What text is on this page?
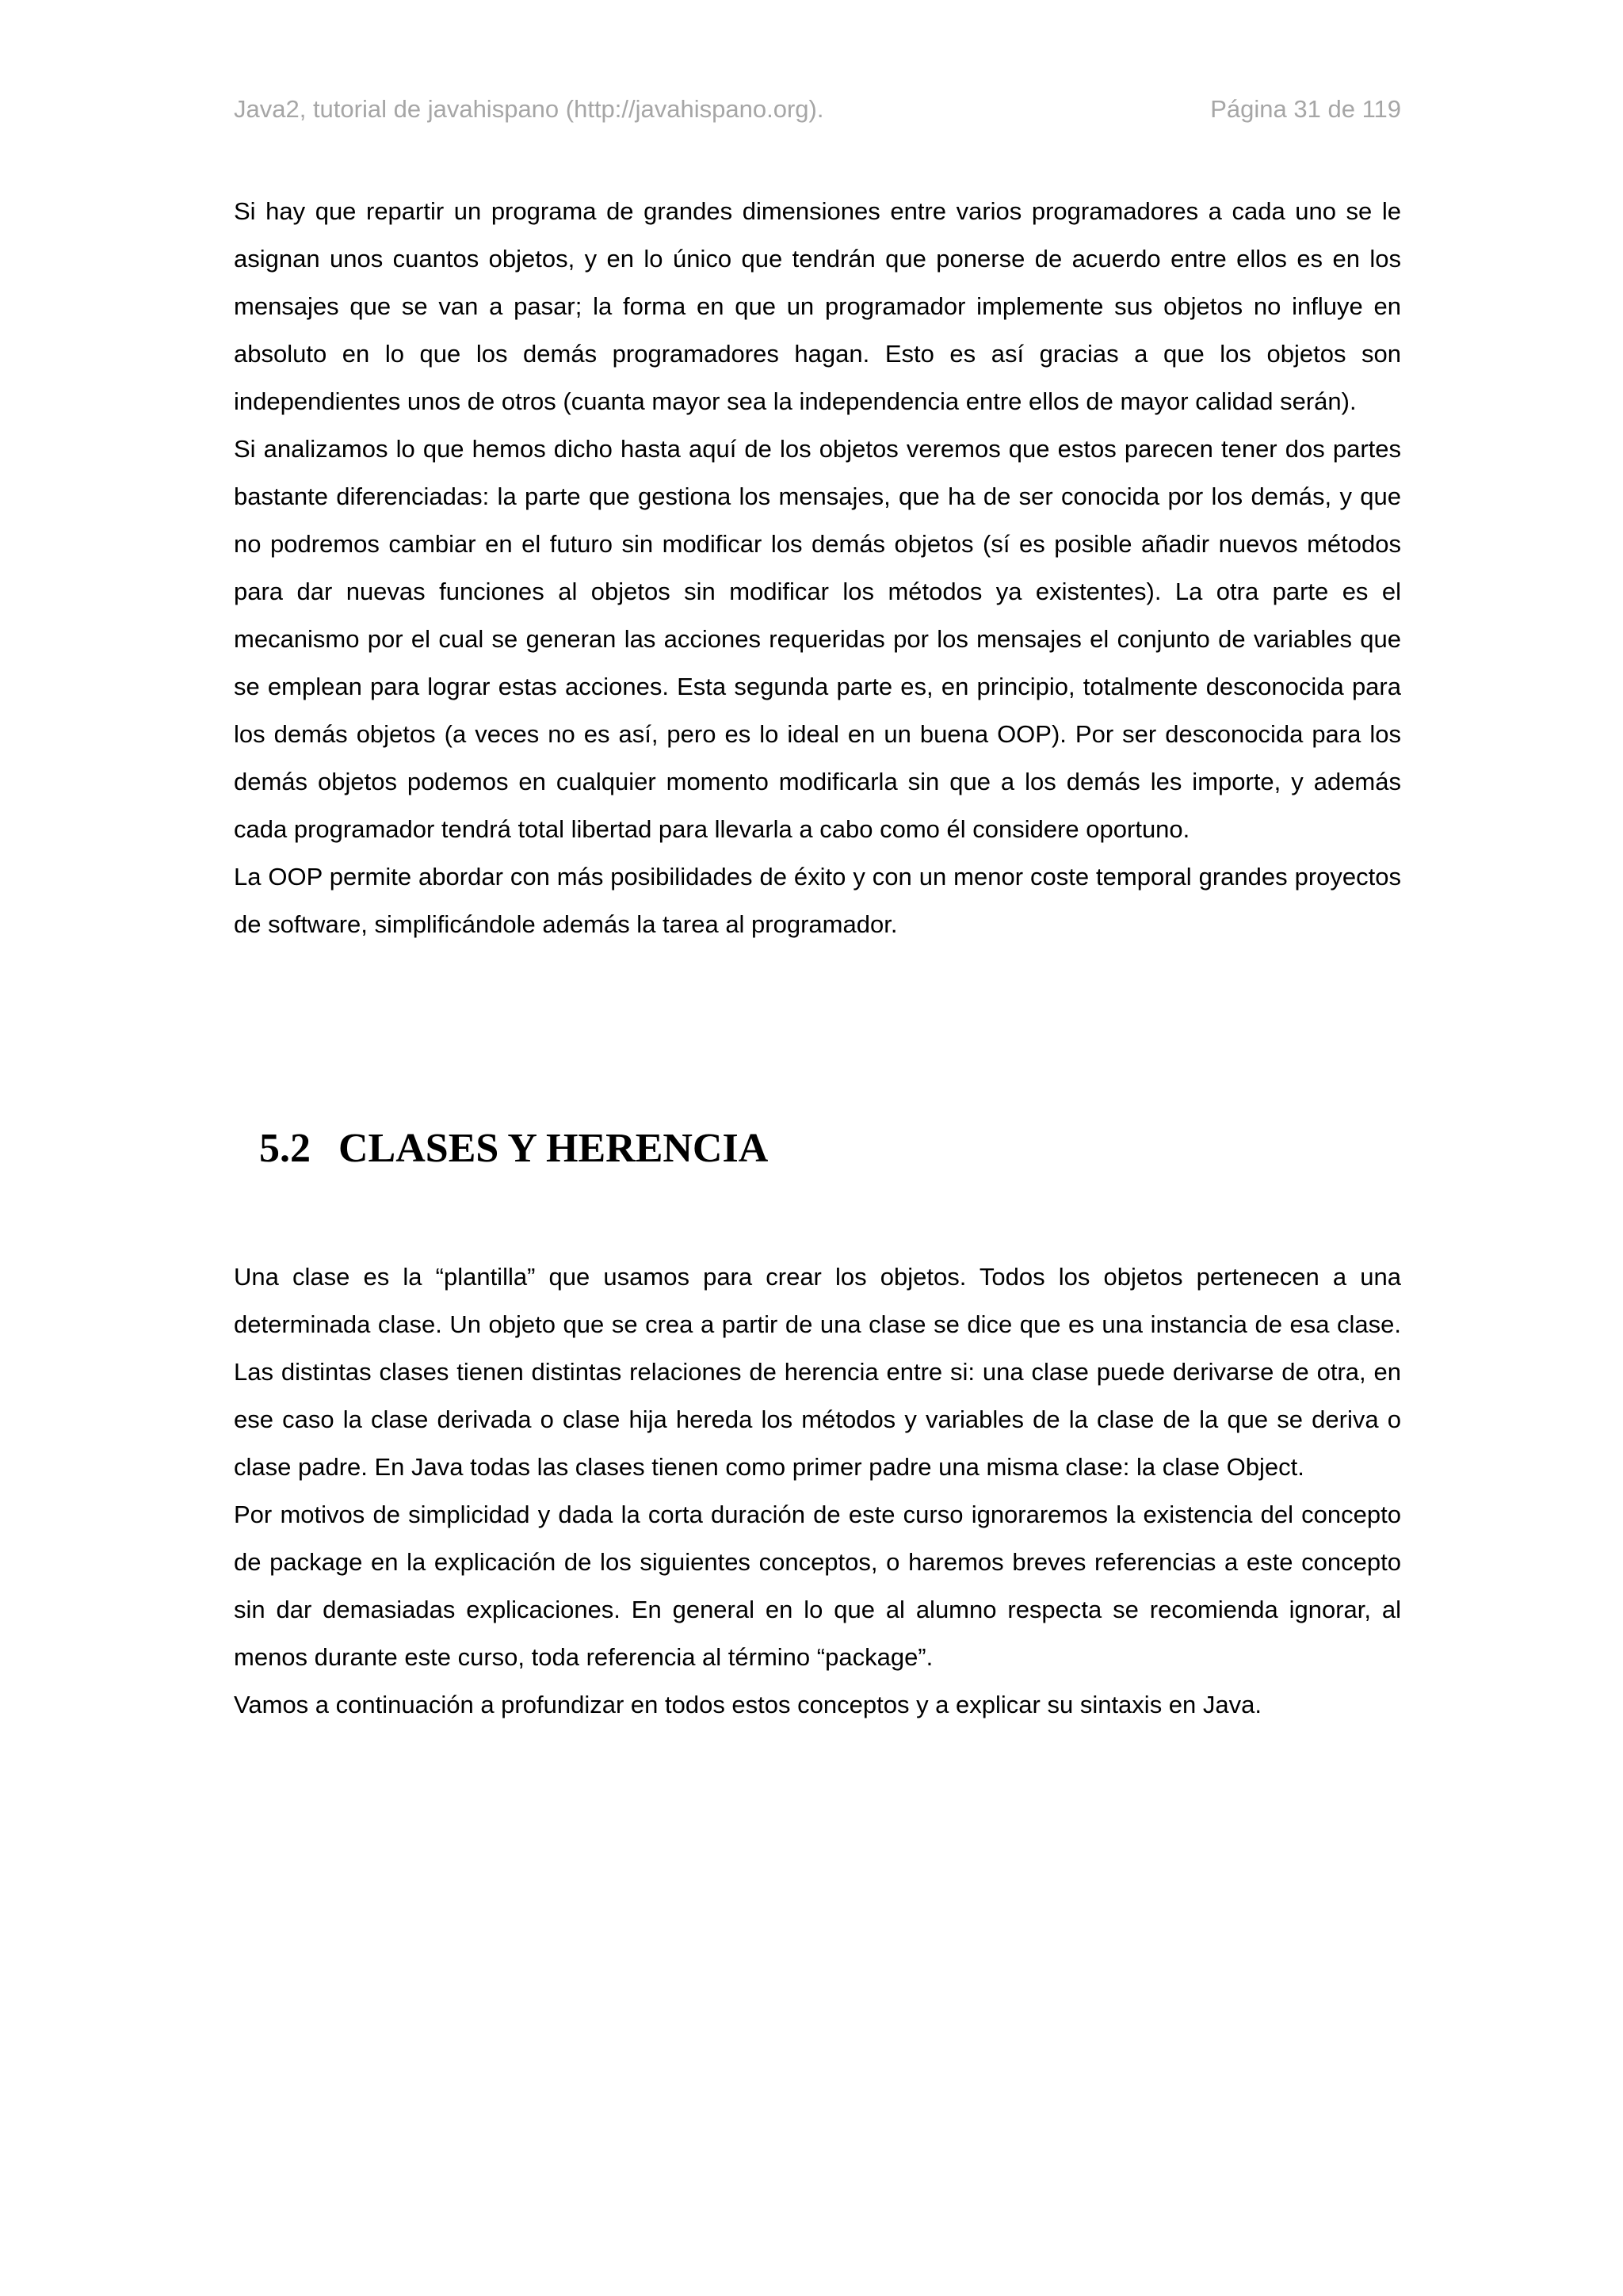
Java2, tutorial de javahispano (http://javahispano.org).	Página 31 de 119

Si hay que repartir un programa de grandes dimensiones entre varios programadores a cada uno se le asignan unos cuantos objetos, y en lo único que tendrán que ponerse de acuerdo entre ellos es en los mensajes que se van a pasar; la forma en que un programador implemente sus objetos no influye en absoluto en lo que los demás programadores hagan. Esto es así gracias a que los objetos son independientes unos de otros (cuanta mayor sea la independencia entre ellos de mayor calidad serán).

Si analizamos lo que hemos dicho hasta aquí de los objetos veremos que estos parecen tener dos partes bastante diferenciadas: la parte que gestiona los mensajes, que ha de ser conocida por los demás, y que no podremos cambiar en el futuro sin modificar los demás objetos (sí es posible añadir nuevos métodos para dar nuevas funciones al objetos sin modificar los métodos ya existentes). La otra parte es el mecanismo por el cual se generan las acciones requeridas por los mensajes el conjunto de variables que se emplean para lograr estas acciones. Esta segunda parte es, en principio, totalmente desconocida para los demás objetos (a veces no es así, pero es lo ideal en un buena OOP). Por ser desconocida para los demás objetos podemos en cualquier momento modificarla sin que a los demás les importe, y además cada programador tendrá total libertad para llevarla a cabo como él considere oportuno.

La OOP permite abordar con más posibilidades de éxito y con un menor coste temporal grandes proyectos de software, simplificándole además la tarea al programador.

5.2 CLASES Y HERENCIA

Una clase es la “plantilla” que usamos para crear los objetos. Todos los objetos pertenecen a una determinada clase. Un objeto que se crea a partir de una clase se dice que es una instancia de esa clase. Las distintas clases tienen distintas relaciones de herencia entre si: una clase puede derivarse de otra, en ese caso la clase derivada o clase hija hereda los métodos y variables de la clase de la que se deriva o clase padre. En Java todas las clases tienen como primer padre una misma clase: la clase Object.

Por motivos de simplicidad y dada la corta duración de este curso ignoraremos la existencia del concepto de package en la explicación de los siguientes conceptos, o haremos breves referencias a este concepto sin dar demasiadas explicaciones. En general en lo que al alumno respecta se recomienda ignorar, al menos durante este curso, toda referencia al término “package”.

Vamos a continuación a profundizar en todos estos conceptos y a explicar su sintaxis en Java.
